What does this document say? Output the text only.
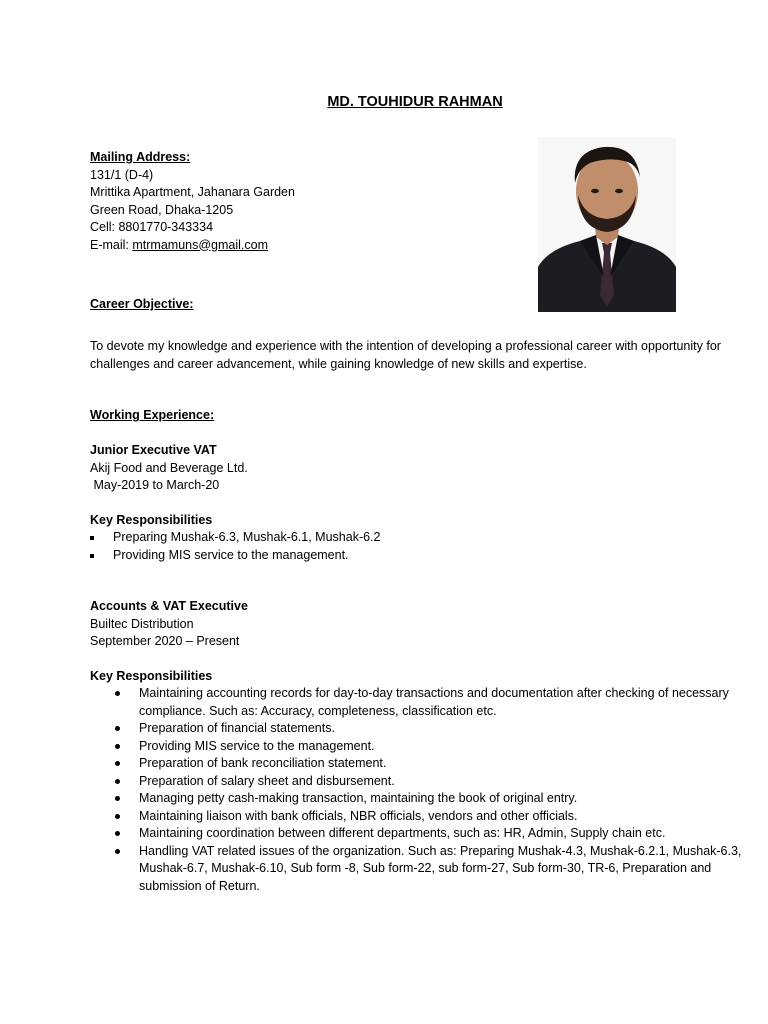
MD. TOUHIDUR RAHMAN
Mailing Address:
131/1 (D-4)
Mrittika Apartment, Jahanara Garden
Green Road, Dhaka-1205
Cell: 8801770-343334
E-mail: mtrmamuns@gmail.com
Career Objective:

To devote my knowledge and experience with the intention of developing a professional career with opportunity for challenges and career advancement, while gaining knowledge of new skills and expertise.

Working Experience:
Junior Executive VAT
Akij Food and Beverage Ltd.
May-2019 to March-20
Key Responsibilities
Preparing Mushak-6.3, Mushak-6.1, Mushak-6.2
Providing MIS service to the management.
Accounts & VAT Executive
Builtec Distribution
September 2020 – Present
Key Responsibilities
Maintaining accounting records for day-to-day transactions and documentation after checking of necessary compliance. Such as: Accuracy, completeness, classification etc.
Preparation of financial statements.
Providing MIS service to the management.
Preparation of bank reconciliation statement.
Preparation of salary sheet and disbursement.
Managing petty cash-making transaction, maintaining the book of original entry.
Maintaining liaison with bank officials, NBR officials, vendors and other officials.
Maintaining coordination between different departments, such as: HR, Admin, Supply chain etc.
Handling VAT related issues of the organization. Such as: Preparing Mushak-4.3, Mushak-6.2.1, Mushak-6.3, Mushak-6.7, Mushak-6.10, Sub form -8, Sub form-22, sub form-27, Sub form-30, TR-6, Preparation and submission of Return.
